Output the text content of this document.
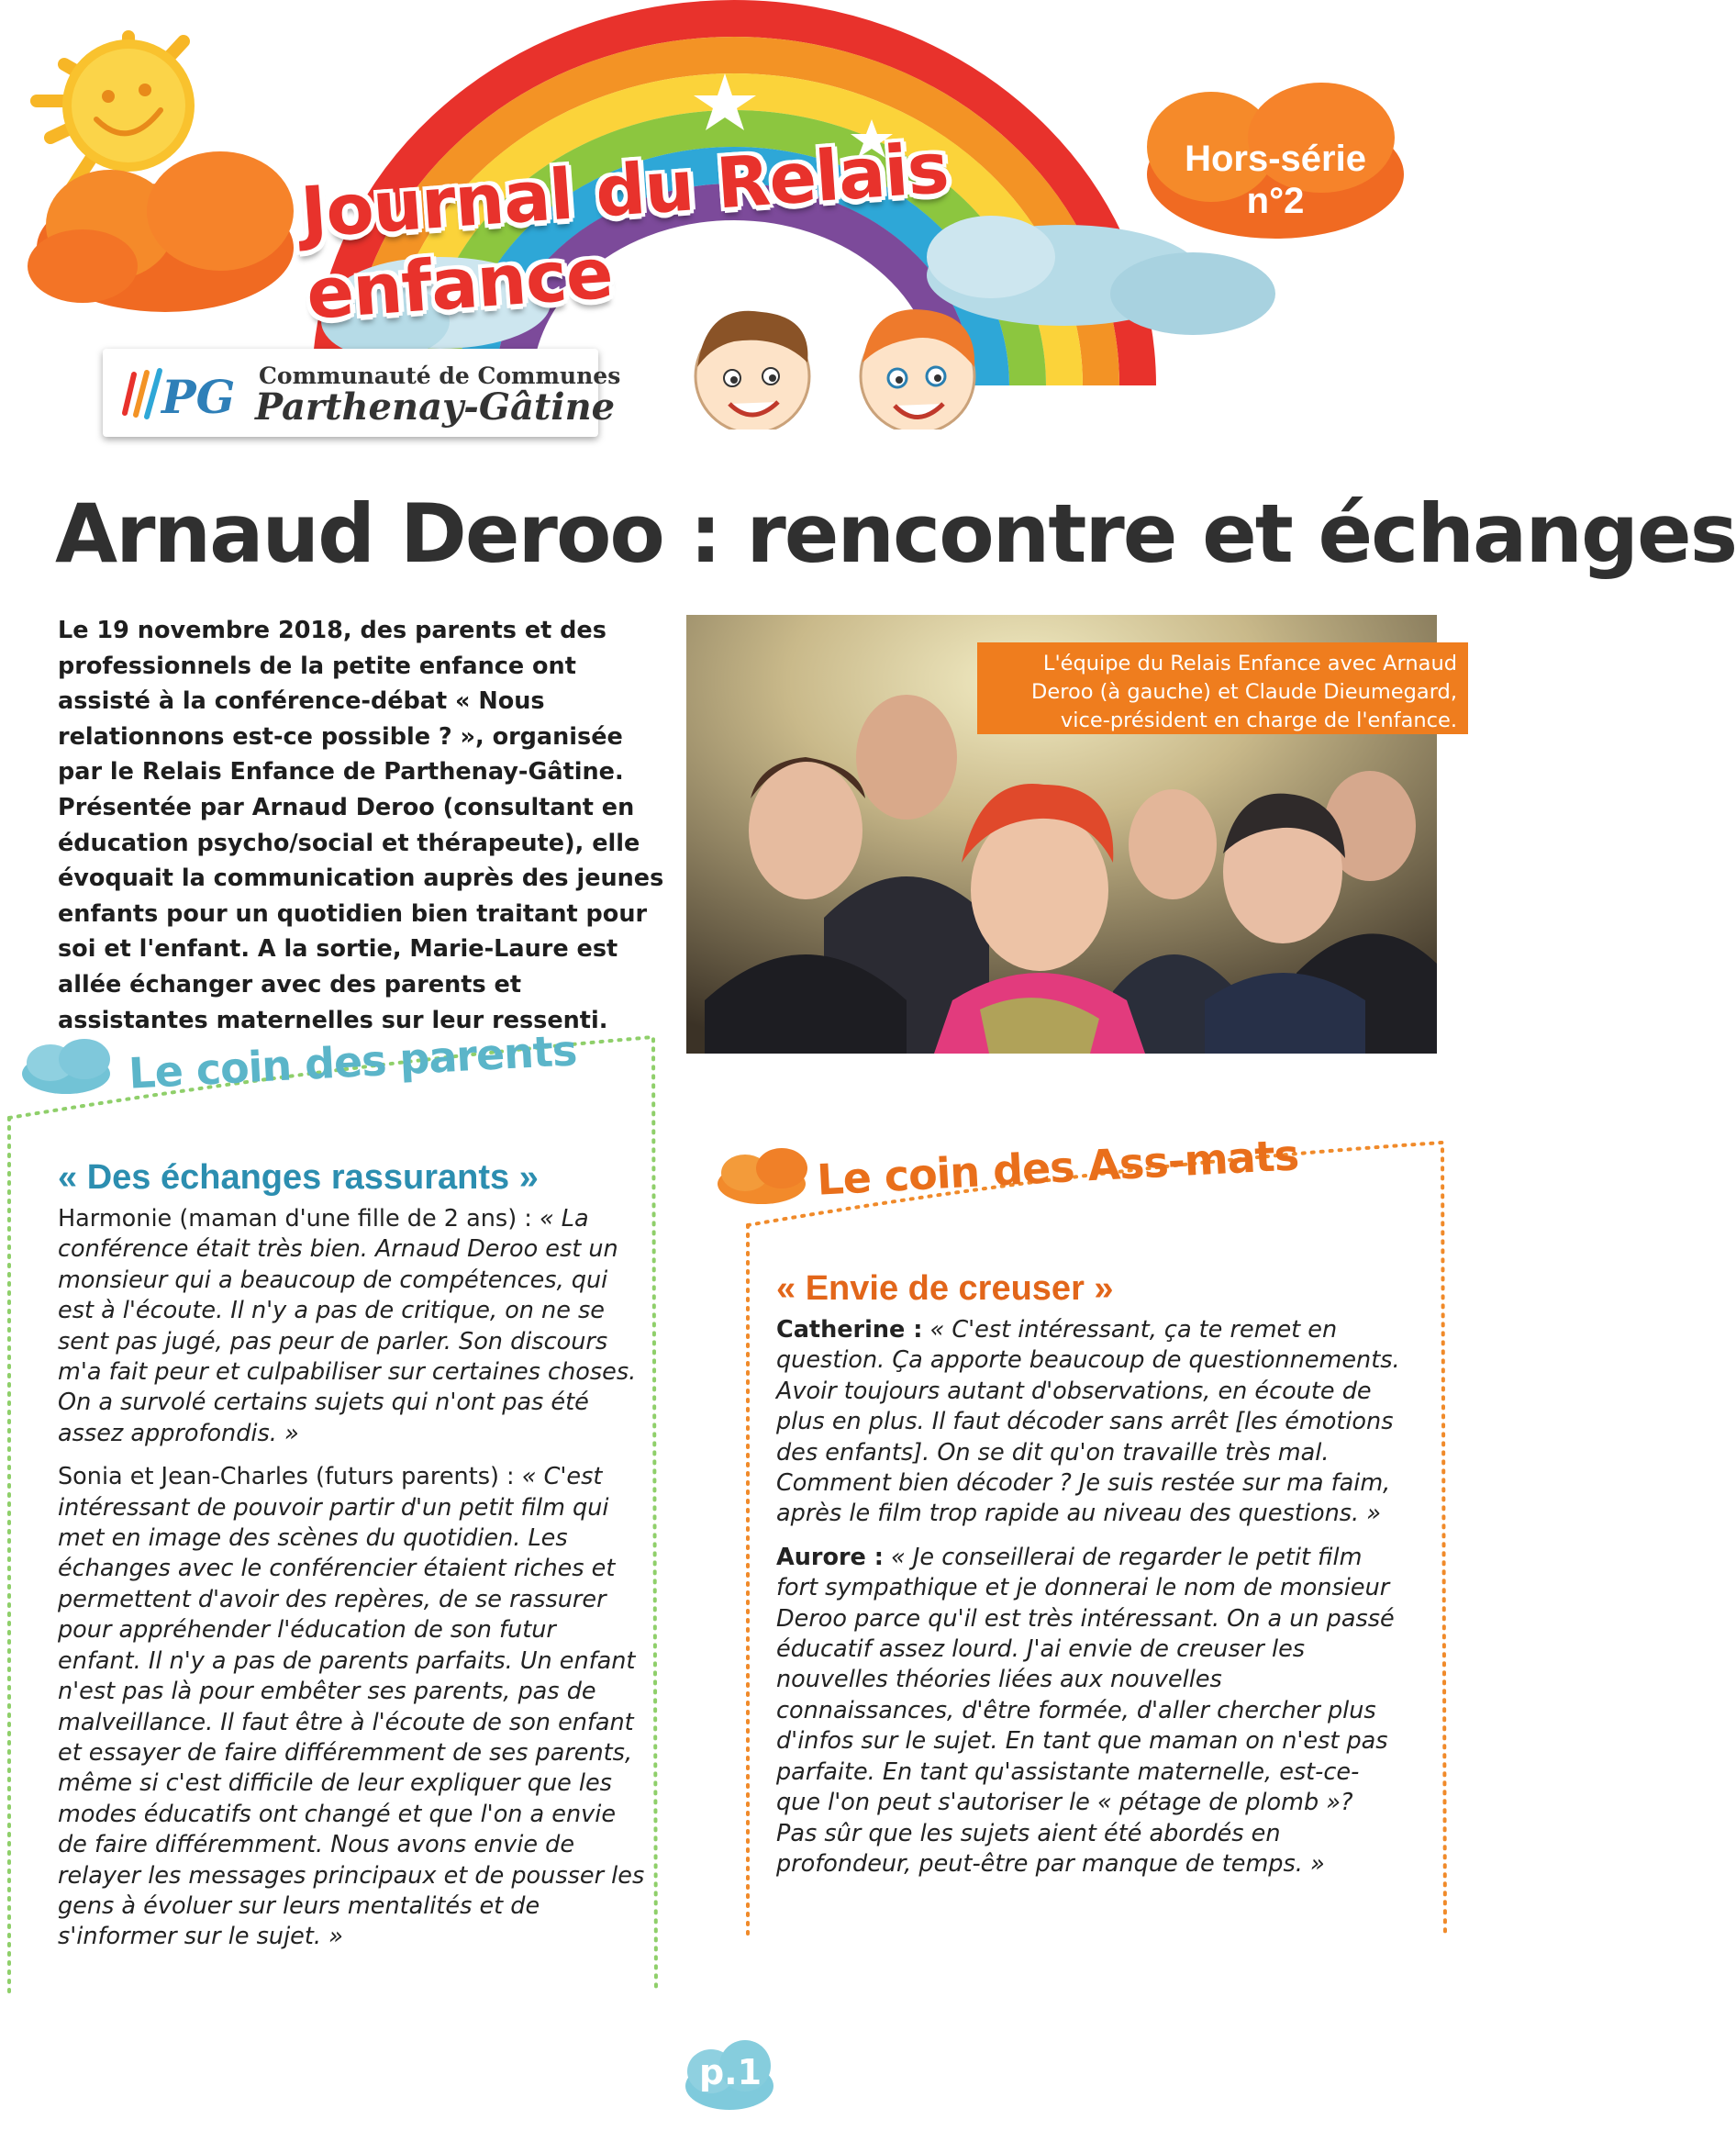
Journal du Relais enfance
Hors-série
n°2
PG Communauté de Communes
Parthenay-Gâtine
Arnaud Deroo : rencontre et échanges
Le 19 novembre 2018, des parents et des professionnels de la petite enfance ont assisté à la conférence-débat « Nous relationnons est-ce possible ? », organisée par le Relais Enfance de Parthenay-Gâtine. Présentée par Arnaud Deroo (consultant en éducation psycho/social et thérapeute), elle évoquait la communication auprès des jeunes enfants pour un quotidien bien traitant pour soi et l'enfant. A la sortie, Marie-Laure est allée échanger avec des parents et assistantes maternelles sur leur ressenti.
L'équipe du Relais Enfance avec Arnaud Deroo (à gauche) et Claude Dieumegard, vice-président en charge de l'enfance.
Le coin des parents
Le coin des Ass-mats
« Des échanges rassurants »

Harmonie (maman d'une fille de 2 ans) : « La conférence était très bien. Arnaud Deroo est un monsieur qui a beaucoup de compétences, qui est à l'écoute. Il n'y a pas de critique, on ne se sent pas jugé, pas peur de parler. Son discours m'a fait peur et culpabiliser sur certaines choses. On a survolé certains sujets qui n'ont pas été assez approfondis. »

Sonia et Jean-Charles (futurs parents) : « C'est intéressant de pouvoir partir d'un petit film qui met en image des scènes du quotidien. Les échanges avec le conférencier étaient riches et permettent d'avoir des repères, de se rassurer pour appréhender l'éducation de son futur enfant. Il n'y a pas de parents parfaits. Un enfant n'est pas là pour embêter ses parents, pas de malveillance. Il faut être à l'écoute de son enfant et essayer de faire différemment de ses parents, même si c'est difficile de leur expliquer que les modes éducatifs ont changé et que l'on a envie de faire différemment. Nous avons envie de relayer les messages principaux et de pousser les gens à évoluer sur leurs mentalités et de s'informer sur le sujet. »

« Envie de creuser »

Catherine : « C'est intéressant, ça te remet en question. Ça apporte beaucoup de questionnements. Avoir toujours autant d'observations, en écoute de plus en plus. Il faut décoder sans arrêt [les émotions des enfants]. On se dit qu'on travaille très mal. Comment bien décoder ? Je suis restée sur ma faim, après le film trop rapide au niveau des questions. »

Aurore : « Je conseillerai de regarder le petit film fort sympathique et je donnerai le nom de monsieur Deroo parce qu'il est très intéressant. On a un passé éducatif assez lourd. J'ai envie de creuser les nouvelles théories liées aux nouvelles connaissances, d'être formée, d'aller chercher plus d'infos sur le sujet. En tant que maman on n'est pas parfaite. En tant qu'assistante maternelle, est-ce-que l'on peut s'autoriser le « pétage de plomb »? Pas sûr que les sujets aient été abordés en profondeur, peut-être par manque de temps. »

p.1
